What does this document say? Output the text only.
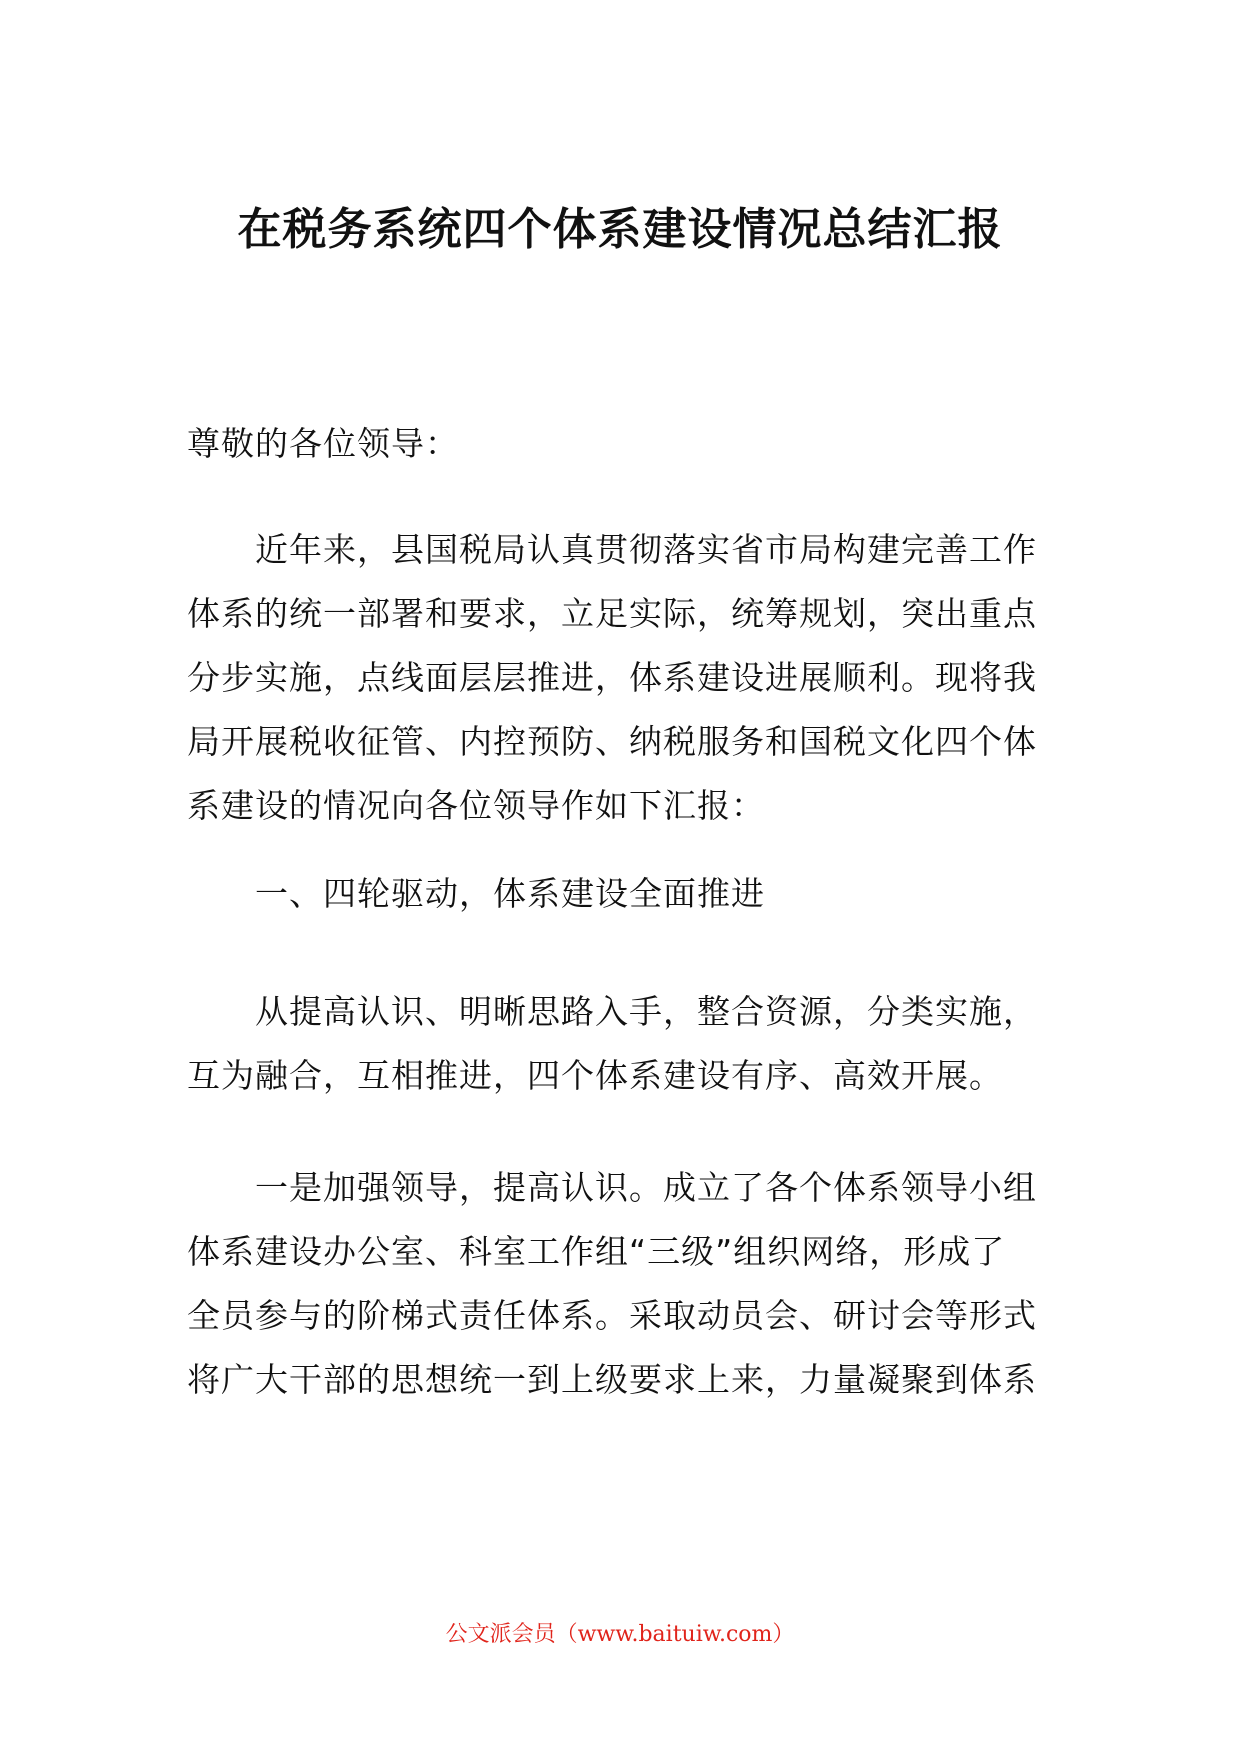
在税务系统四个体系建设情况总结汇报

尊敬的各位领导：

近年来，县国税局认真贯彻落实省市局构建完善工作
体系的统一部署和要求，立足实际，统筹规划，突出重点
分步实施，点线面层层推进，体系建设进展顺利。现将我
局开展税收征管、内控预防、纳税服务和国税文化四个体
系建设的情况向各位领导作如下汇报：

一、四轮驱动，体系建设全面推进

从提高认识、明晰思路入手，整合资源，分类实施，
互为融合，互相推进，四个体系建设有序、高效开展。
一是加强领导，提高认识。成立了各个体系领导小组
体系建设办公室、科室工作组“三级”组织网络，形成了
全员参与的阶梯式责任体系。采取动员会、研讨会等形式
将广大干部的思想统一到上级要求上来，力量凝聚到体系
公文派会员（www.baituiw.com）
